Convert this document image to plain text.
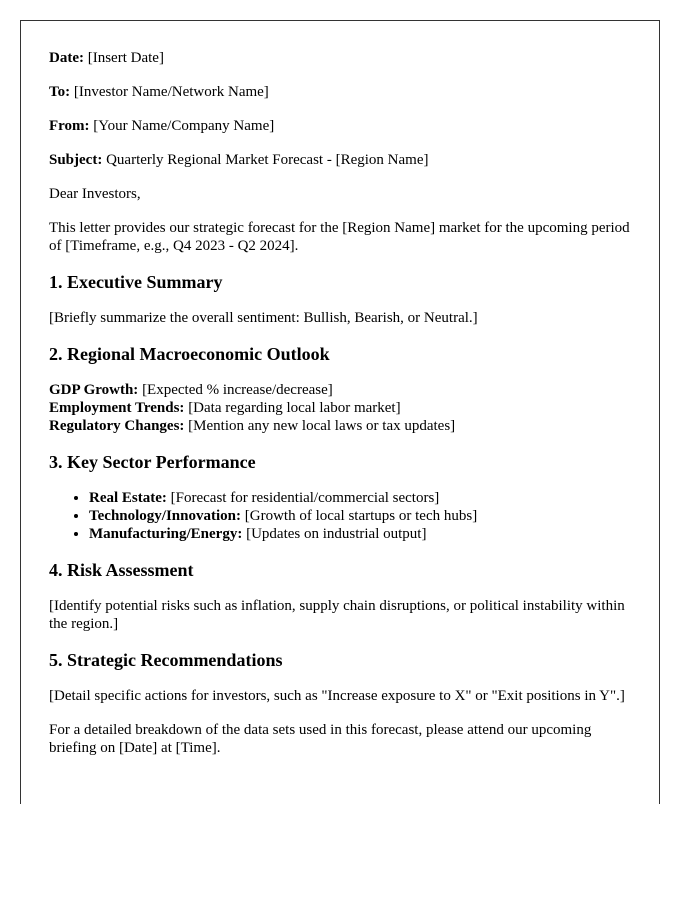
Date: [Insert Date]

To: [Investor Name/Network Name]

From: [Your Name/Company Name]

Subject: Quarterly Regional Market Forecast - [Region Name]

Dear Investors,

This letter provides our strategic forecast for the [Region Name] market for the upcoming period of [Timeframe, e.g., Q4 2023 - Q2 2024].

1. Executive Summary

[Briefly summarize the overall sentiment: Bullish, Bearish, or Neutral.]

2. Regional Macroeconomic Outlook

GDP Growth: [Expected % increase/decrease]

Employment Trends: [Data regarding local labor market]

Regulatory Changes: [Mention any new local laws or tax updates]

3. Key Sector Performance
• Real Estate: [Forecast for residential/commercial sectors]
• Technology/Innovation: [Growth of local startups or tech hubs]
• Manufacturing/Energy: [Updates on industrial output]
4. Risk Assessment

[Identify potential risks such as inflation, supply chain disruptions, or political instability within the region.]

5. Strategic Recommendations

[Detail specific actions for investors, such as "Increase exposure to X" or "Exit positions in Y".]

For a detailed breakdown of the data sets used in this forecast, please attend our upcoming briefing on [Date] at [Time].
